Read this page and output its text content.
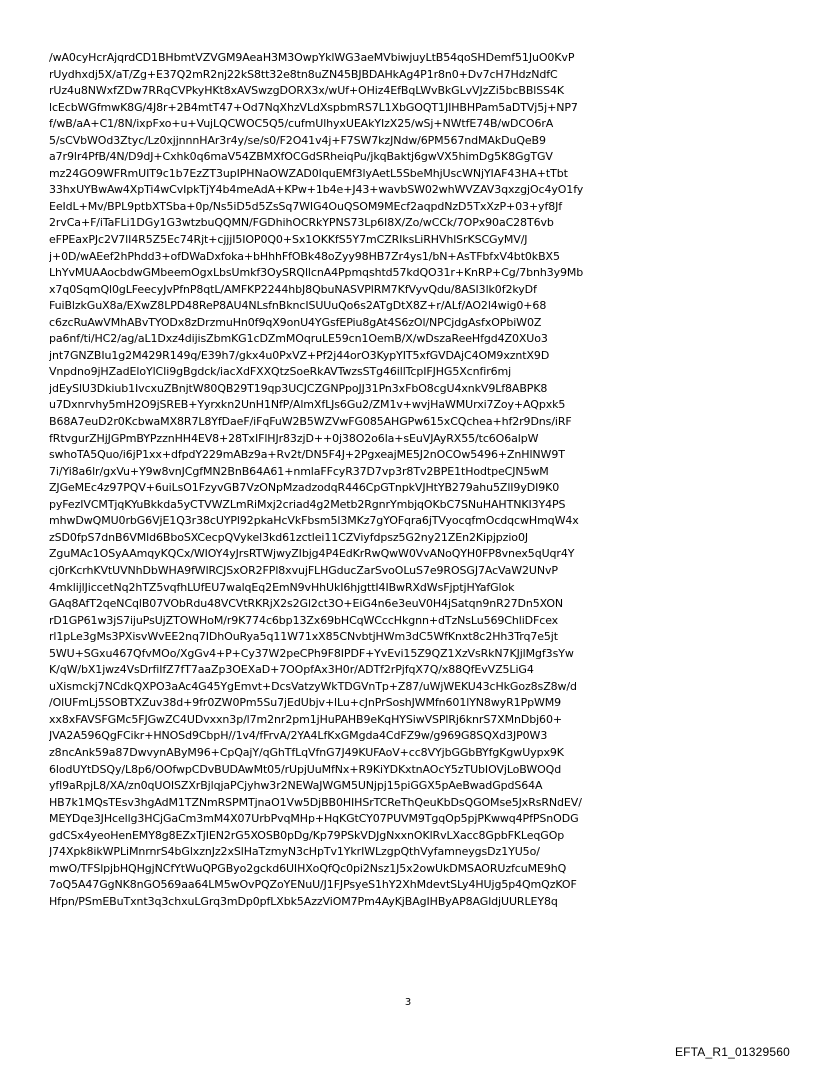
/wA0cyHcrAjqrdCD1BHbmtVZVGM9AeaH3M3OwpYklWG3aeMVbiwjuyLtB54qoSHDemf51JuO0KvP
rUydhxdj5X/aT/Zg+E37Q2mR2nj22kS8tt32e8tn8uZN45BJBDAHkAg4P1r8n0+Dv7cH7HdzNdfC
rUz4u8NWxfZDw7RRqCVPkyHKt8xAVSwzgDORX3x/wUf+OHiz4EfBqLWvBkGLvVJzZi5bcBBlSS4K
lcEcbWGfmwK8G/4J8r+2B4mtT47+Od7NqXhzVLdXspbmRS7L1XbGOQT1JIHBHPam5aDTVj5j+NP7
f/wB/aA+C1/8N/ixpFxo+u+VujLQCWOC5Q5/cufmUlhyxUEAkYIzX25/wSj+NWtfE74B/wDCO6rA
5/sCVbWOd3Ztyc/Lz0xjjnnnHAr3r4y/se/s0/F2O41v4j+F7SW7kzJNdw/6PM567ndMAkDuQeB9
a7r9lr4PfB/4N/D9dJ+Cxhk0q6maV54ZBMXfOCGdSRheiqPu/jkqBaktj6gwVX5himDg5K8GgTGV
mz24GO9WFRmUIT9c1b7EzZT3upIPHNaOWZAD0IquEMf3lyAetL5SbeMhjUscWNjYIAF43HA+tTbt
33hxUYBwAw4XpTi4wCvIpkTjY4b4meAdA+KPw+1b4e+J43+wavbSW02whWVZAV3qxzgjOc4yO1fy
EeIdL+Mv/BPL9ptbXTSba+0p/Ns5iD5d5ZsSq7WIG4OuQSOM9MEcf2aqpdNzD5TxXzP+03+yf8Jf
2rvCa+F/iTaFLi1DGy1G3wtzbuQQMN/FGDhihOCRkYPNS73Lp6I8X/Zo/wCCk/7OPx90aC28T6vb
eFPEaxPJc2V7lI4R5Z5Ec74Rjt+cjjjI5IOP0Q0+Sx1OKKfS5Y7mCZRIksLiRHVhlSrKSCGyMV/J
j+0D/wAEef2hPhdd3+ofDWaDxfoka+bHhhFfOBk48oZyy98HB7Zr4ys1/bN+AsTFbfxV4bt0kBX5
LhYvMUAAocbdwGMbeemOgxLbsUmkf3OySRQllcnA4Ppmqshtd57kdQO31r+KnRP+Cg/7bnh3y9Mb
x7q0SqmQl0gLFeecyJvPfnP8qtL/AMFKP2244hbJ8QbuNASVPlRM7KfVyvQdu/8ASI3lk0f2kyDf
FuiBlzkGuX8a/EXwZ8LPD48ReP8AU4NLsfnBkncISUUuQo6s2ATgDtX8Z+r/ALf/AO2l4wig0+68
c6zcRuAwVMhABvTYODx8zDrzmuHn0f9qX9onU4YGsfEPiu8gAt4S6zOl/NPCjdgAsfxOPbiW0Z
pa6nf/ti/HC2/ag/aL1Dxz4dijisZbmKG1cDZmMOqruLE59cn1OemB/X/wDszaReeHfgd4Z0XUo3
jnt7GNZBIu1g2M429R149q/E39h7/gkx4u0PxVZ+Pf2j44orO3KypYIT5xfGVDAjC4OM9xzntX9D
Vnpdno9jHZadEloYlCIi9gBgdck/iacXdFXXQtzSoeRkAVTwzsSTg46illTcpIFJHG5Xcnfir6mj
jdEySlU3Dkiub1IvcxuZBnjtW80QB29T19qp3UCJCZGNPpoJJ31Pn3xFbO8cgU4xnkV9Lf8ABPK8
u7Dxnrvhy5mH2O9jSREB+Yyrxkn2UnH1NfP/AlmXfLJs6Gu2/ZM1v+wvjHaWMUrxi7Zoy+AQpxk5
B68A7euD2r0KcbwaMX8R7L8YfDaeF/iFqFuW2B5WZVwFG085AHGPw615xCQchea+hf2r9Dns/iRF
fRtvgurZHjJGPmBYPzznHH4EV8+28TxIFlHJr83zjD++0j38O2o6la+sEuVJAyRX55/tc6O6alpW
swhoTA5Quo/i6jP1xx+dfpdY229mABz9a+Rv2t/DN5F4J+2PgxeajME5J2nOCOw5496+ZnHlNW9T
7i/Yi8a6lr/gxVu+Y9w8vnJCgfMN2BnB64A61+nmlaFFcyR37D7vp3r8Tv2BPE1tHodtpeCJN5wM
ZJGeMEc4z97PQV+6uiLsO1FzyvGB7VzONpMzadzodqR446CpGTnpkVJHtYB279ahu5ZlI9yDI9K0
pyFezIVCMTjqKYuBkkda5yCTVWZLmRiMxj2criad4g2Metb2RgnrYmbjqOKbC7SNuHAHTNKI3Y4PS
mhwDwQMU0rbG6VjE1Q3r38cUYPl92pkaHcVkFbsm5l3MKz7gYOFqra6jTVyocqfmOcdqcwHmqW4x
zSD0fpS7dnB6VMld6BboSXCecpQVykel3kd61zctlei11CZViyfdpsz5G2ny21ZEn2Kipjpzio0J
ZguMAc1OSyAAmqyKQCx/WIOY4yJrsRTWjwyZIbjg4P4EdKrRwQwW0VvANoQYH0FP8vnex5qUqr4Y
cj0rKcrhKVtUVNhDbWHA9fWlRCJSxOR2FPl8xvujFLHGducZarSvoOLuS7e9ROSGJ7AcVaW2UNvP
4mklijlJiccetNq2hTZ5vqfhLUfEU7walqEq2EmN9vHhUkI6hjgttI4IBwRXdWsFjptjHYafGlok
GAq8AfT2qeNCqlB07VObRdu48VCVtRKRjX2s2Gl2ct3O+EiG4n6e3euV0H4jSatqn9nR27Dn5XON
rD1GP61w3jS7ijuPsUjZTOWHoM/r9K774c6bp13Zx69bHCqWCccHkgnn+dTzNsLu569ChliDFcex
rl1pLe3gMs3PXisvWvEE2nq7IDhOuRya5q11W71xX85CNvbtjHWm3dC5WfKnxt8c2Hh3Trq7e5jt
5WU+SGxu467QfvMOo/XgGv4+P+Cy37W2peCPh9F8IPDF+YvEvi15Z9QZ1XzVsRkN7KJjlMgf3sYw
K/qW/bX1jwz4VsDrfiIfZ7fT7aaZp3OEXaD+7OOpfAx3H0r/ADTf2rPjfqX7Q/x88QfEvVZ5LiG4
uXismckj7NCdkQXPO3aAc4G45YgEmvt+DcsVatzyWkTDGVnTp+Z87/uWjWEKU43cHkGoz8sZ8w/d
/OlUFmLj5SOBTXZuv38d+9fr0ZW0Pm5Su7jEdUbjv+lLu+cJnPrSoshJWMfn601lYN8wyR1PpWM9
xx8xFAVSFGMc5FJGwZC4UDvxxn3p/l7m2nr2pm1jHuPAHB9eKqHYSiwVSPlRj6knrS7XMnDbj60+
JVA2A596QgFCikr+HNOSd9CbpH//1v4/fFrvA/2YA4LfKxGMgda4CdFZ9w/g969G8SQXd3JP0W3
z8ncAnk59a87DwvynAByM96+CpQajY/qGhTfLqVfnG7J49KUFAoV+cc8VYjbGGbBYfgKgwUypx9K
6lodUYtDSQy/L8p6/OOfwpCDvBUDAwMt05/rUpjUuMfNx+R9KiYDKxtnAOcY5zTUbIOVjLoBWOQd
yfl9aRpjL8/XA/zn0qUOISZXrBjlqjaPCjyhw3r2NEWaJWGM5UNjpj15piGGX5pAeBwadGpdS64A
HB7k1MQsTEsv3hgAdM1TZNmRSPMTjnaO1Vw5DjBB0HIHSrTCReThQeuKbDsQGOMse5JxRsRNdEV/
MEYDqe3JHcellg3HCjGaCm3mM4X07UrbPvqMHp+HqKGtCY07PUVM9TgqOp5pjPKwwq4PfPSnODG
gdCSx4yeoHenEMY8g8EZxTjIEN2rG5XOSB0pDg/Kp79PSkVDJgNxxnOKlRvLXacc8GpbFKLeqGOp
J74Xpk8ikWPLiMnrnrS4bGlxznJz2xSlHaTzmyN3cHpTv1YkrIWLzgpQthVyfamneygsDz1YU5o/
mwO/TFSlpjbHQHgjNCfYtWuQPGByo2gckd6UIHXoQfQc0pi2Nsz1J5x2owUkDMSAORUzfcuME9hQ
7oQ5A47GgNK8nGO569aa64LM5wOvPQZoYENuU/J1FJPsyeS1hY2XhMdevtSLy4HUjg5p4QmQzKOF
Hfpn/PSmEBuTxnt3q3chxuLGrq3mDp0pfLXbk5AzzViOM7Pm4AyKjBAgIHByAP8AGldjUURLEY8q
3
EFTA_R1_01329560
